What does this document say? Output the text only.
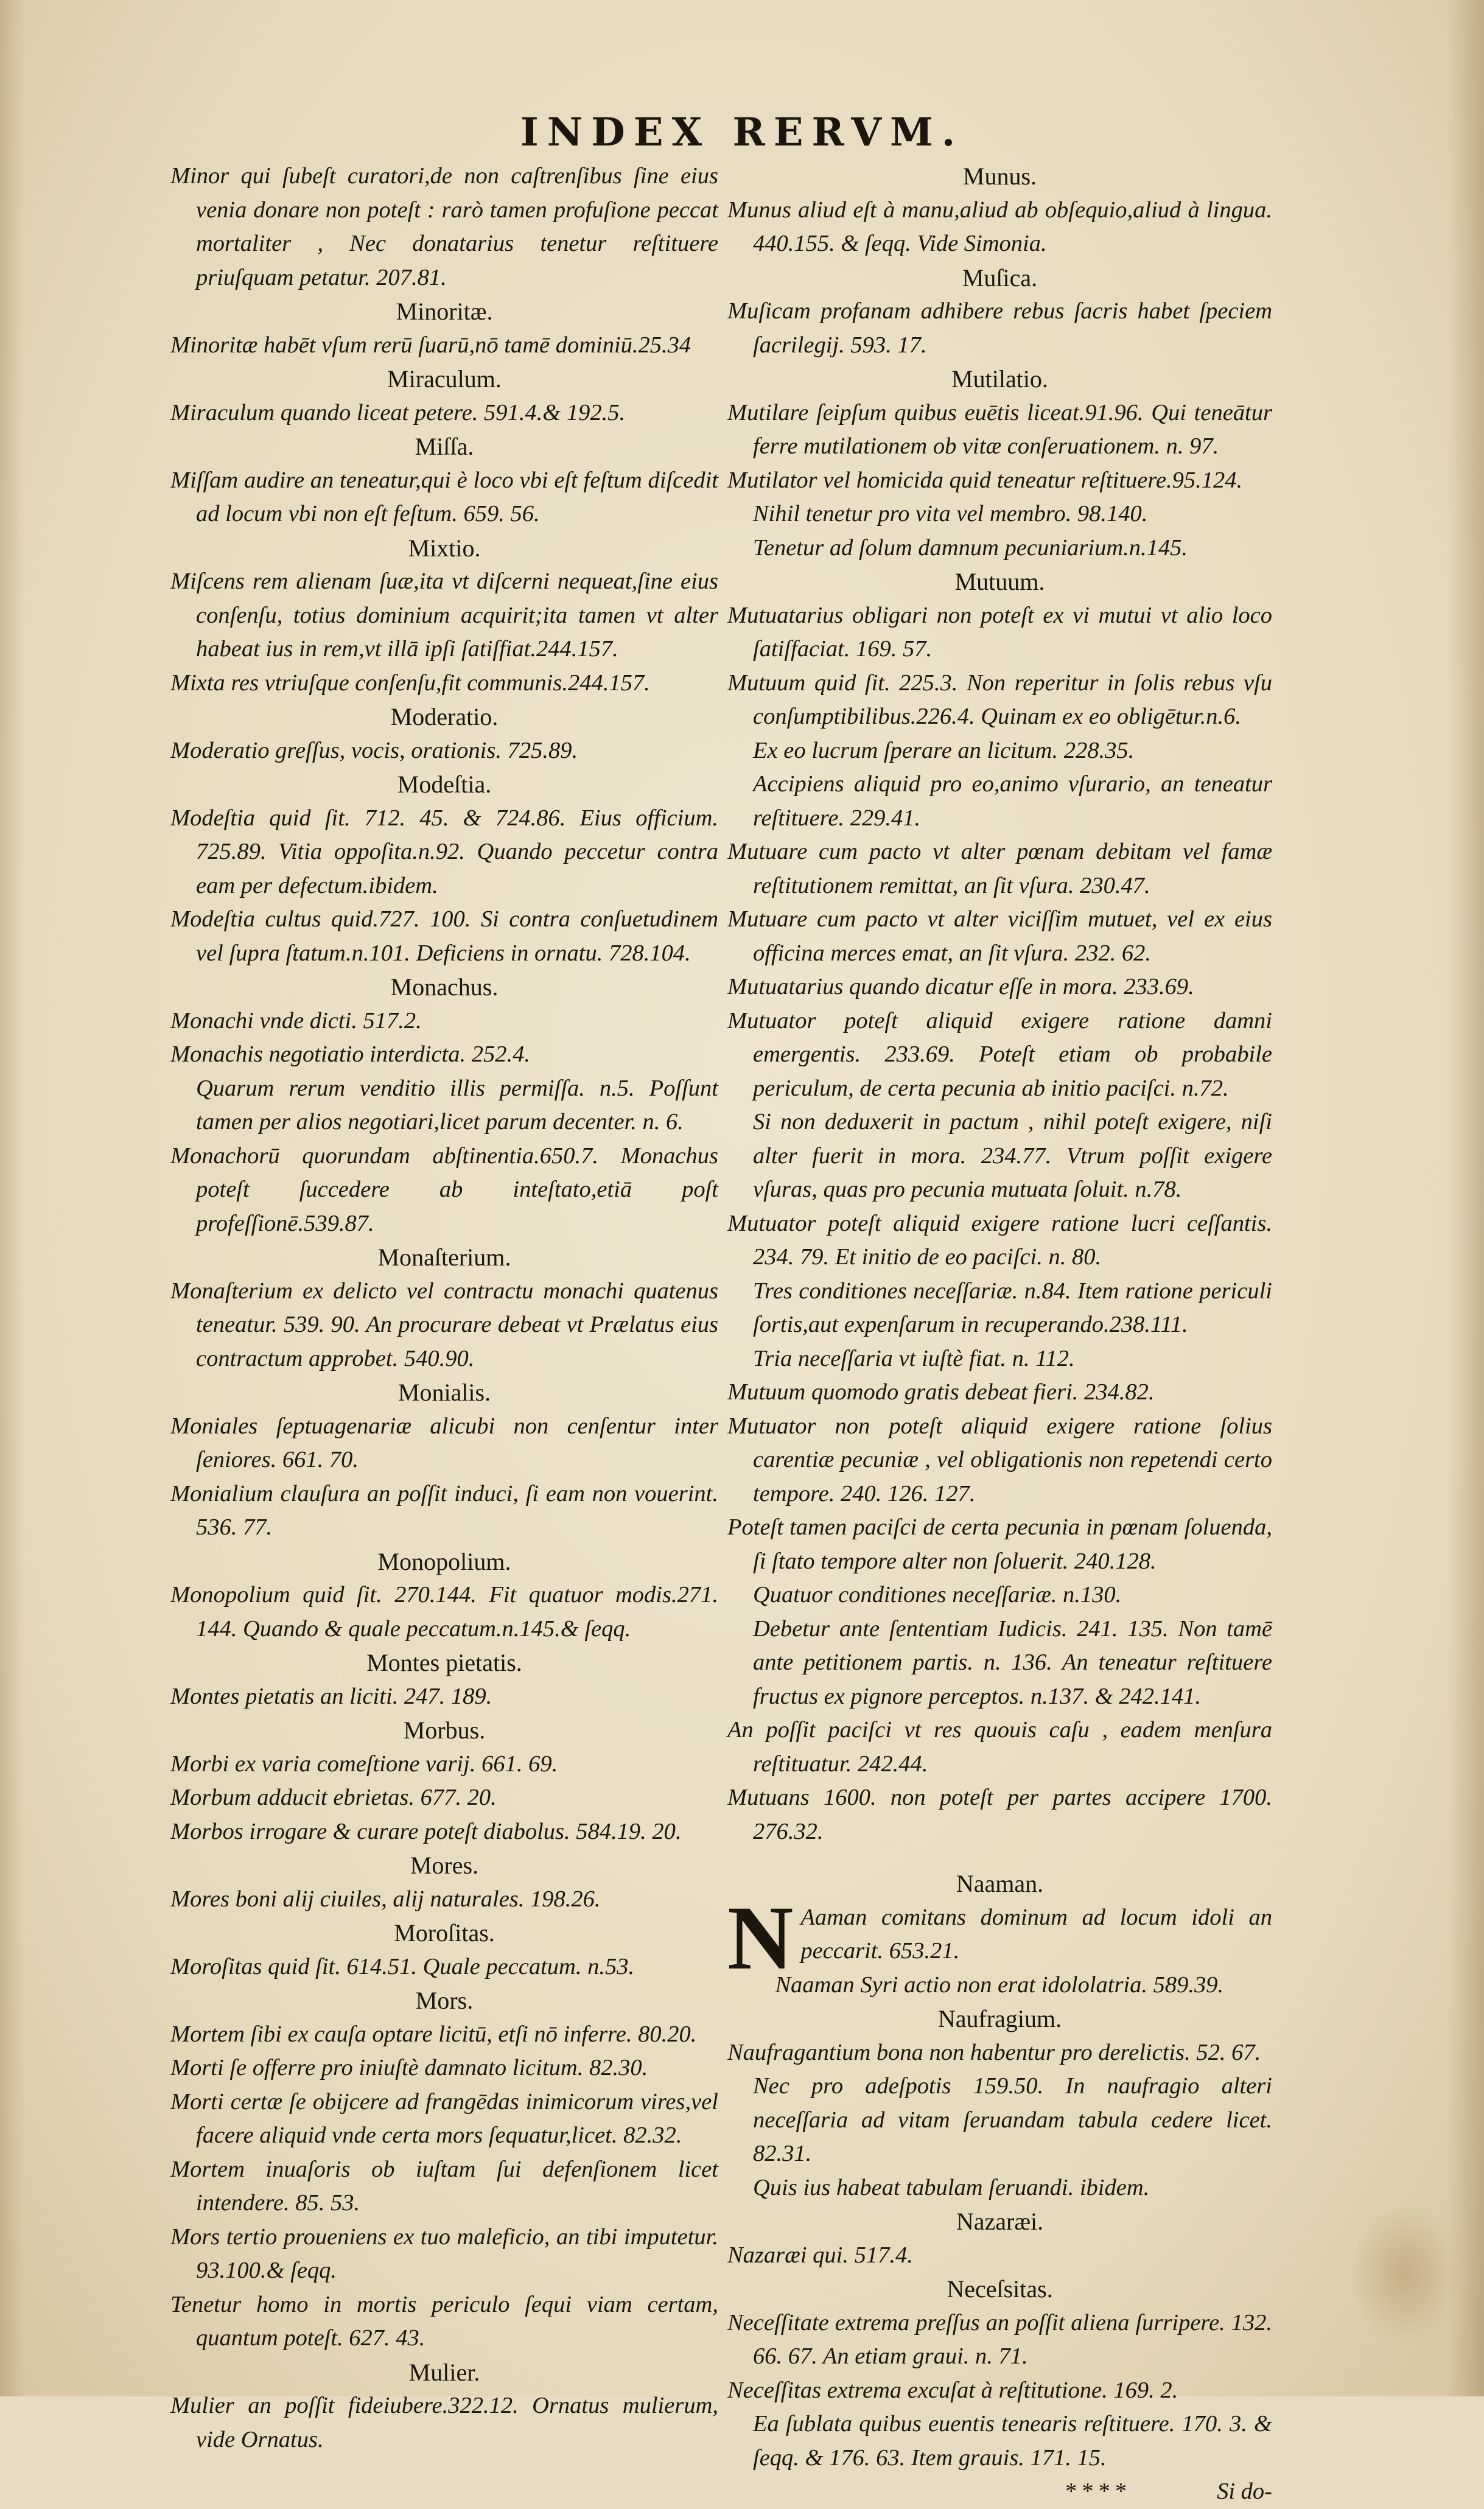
INDEX RERVM.
Minor qui ſubeſt curatori,de non caſtrenſibus ſine eius venia donare non poteſt : rarò tamen profuſione peccat mortaliter , Nec donatarius tenetur reſtituere priuſquam petatur. 207.81.
Minoritæ.
Minoritæ habēt vſum rerū ſuarū,nō tamē dominiū.25.34
Miraculum.
Miraculum quando liceat petere. 591.4.& 192.5.
Miſſa.
Miſſam audire an teneatur,qui è loco vbi eſt feſtum diſcedit ad locum vbi non eſt feſtum. 659. 56.
Mixtio.
Miſcens rem alienam ſuæ,ita vt diſcerni nequeat,ſine eius conſenſu, totius dominium acquirit;ita tamen vt alter habeat ius in rem,vt illā ipſi ſatiſfiat.244.157.
Mixta res vtriuſque conſenſu,fit communis.244.157.
Moderatio.
Moderatio greſſus, vocis, orationis. 725.89.
Modeſtia.
Modeſtia quid ſit. 712. 45. & 724.86. Eius officium. 725.89. Vitia oppoſita.n.92. Quando peccetur contra eam per defectum.ibidem.
Modeſtia cultus quid.727. 100. Si contra conſuetudinem vel ſupra ſtatum.n.101. Deficiens in ornatu. 728.104.
Monachus.
Monachi vnde dicti. 517.2.
Monachis negotiatio interdicta. 252.4.
Quarum rerum venditio illis permiſſa. n.5. Poſſunt tamen per alios negotiari,licet parum decenter. n. 6.
Monachorū quorundam abſtinentia.650.7. Monachus poteſt ſuccedere ab inteſtato,etiā poſt profeſſionē.539.87.
Monaſterium.
Monaſterium ex delicto vel contractu monachi quatenus teneatur. 539. 90. An procurare debeat vt Prælatus eius contractum approbet. 540.90.
Monialis.
Moniales ſeptuagenariæ alicubi non cenſentur inter ſeniores. 661. 70.
Monialium clauſura an poſſit induci, ſi eam non vouerint. 536. 77.
Monopolium.
Monopolium quid ſit. 270.144. Fit quatuor modis.271. 144. Quando & quale peccatum.n.145.& ſeqq.
Montes pietatis.
Montes pietatis an liciti. 247. 189.
Morbus.
Morbi ex varia comeſtione varij. 661. 69.
Morbum adducit ebrietas. 677. 20.
Morbos irrogare & curare poteſt diabolus. 584.19. 20.
Mores.
Mores boni alij ciuiles, alij naturales. 198.26.
Moroſitas.
Moroſitas quid ſit. 614.51. Quale peccatum. n.53.
Mors.
Mortem ſibi ex cauſa optare licitū, etſi nō inferre. 80.20.
Morti ſe offerre pro iniuſtè damnato licitum. 82.30.
Morti certæ ſe obijcere ad frangēdas inimicorum vires,vel facere aliquid vnde certa mors ſequatur,licet. 82.32.
Mortem inuaſoris ob iuſtam ſui defenſionem licet intendere. 85. 53.
Mors tertio proueniens ex tuo maleficio, an tibi imputetur. 93.100.& ſeqq.
Tenetur homo in mortis periculo ſequi viam certam, quantum poteſt. 627. 43.
Mulier.
Mulier an poſſit fideiubere.322.12. Ornatus mulierum, vide Ornatus.
Munus.
Munus aliud eſt à manu,aliud ab obſequio,aliud à lingua. 440.155. & ſeqq. Vide Simonia.
Muſica.
Muſicam profanam adhibere rebus ſacris habet ſpeciem ſacrilegij. 593. 17.
Mutilatio.
Mutilare ſeipſum quibus euētis liceat.91.96. Qui teneātur ferre mutilationem ob vitæ conſeruationem. n. 97.
Mutilator vel homicida quid teneatur reſtituere.95.124.
Nihil tenetur pro vita vel membro. 98.140.
Tenetur ad ſolum damnum pecuniarium.n.145.
Mutuum.
Mutuatarius obligari non poteſt ex vi mutui vt alio loco ſatiſfaciat. 169. 57.
Mutuum quid ſit. 225.3. Non reperitur in ſolis rebus vſu conſumptibilibus.226.4. Quinam ex eo obligētur.n.6.
Ex eo lucrum ſperare an licitum. 228.35.
Accipiens aliquid pro eo,animo vſurario, an teneatur reſtituere. 229.41.
Mutuare cum pacto vt alter pœnam debitam vel famæ reſtitutionem remittat, an ſit vſura. 230.47.
Mutuare cum pacto vt alter viciſſim mutuet, vel ex eius officina merces emat, an ſit vſura. 232. 62.
Mutuatarius quando dicatur eſſe in mora. 233.69.
Mutuator poteſt aliquid exigere ratione damni emergentis. 233.69. Poteſt etiam ob probabile periculum, de certa pecunia ab initio paciſci. n.72.
Si non deduxerit in pactum , nihil poteſt exigere, niſi alter fuerit in mora. 234.77. Vtrum poſſit exigere vſuras, quas pro pecunia mutuata ſoluit. n.78.
Mutuator poteſt aliquid exigere ratione lucri ceſſantis. 234. 79. Et initio de eo paciſci. n. 80.
Tres conditiones neceſſariæ. n.84. Item ratione periculi ſortis,aut expenſarum in recuperando.238.111.
Tria neceſſaria vt iuſtè fiat. n. 112.
Mutuum quomodo gratis debeat fieri. 234.82.
Mutuator non poteſt aliquid exigere ratione ſolius carentiæ pecuniæ , vel obligationis non repetendi certo tempore. 240. 126. 127.
Poteſt tamen paciſci de certa pecunia in pœnam ſoluenda, ſi ſtato tempore alter non ſoluerit. 240.128.
Quatuor conditiones neceſſariæ. n.130.
Debetur ante ſententiam Iudicis. 241. 135. Non tamē ante petitionem partis. n. 136. An teneatur reſtituere fructus ex pignore perceptos. n.137. & 242.141.
An poſſit paciſci vt res quouis caſu , eadem menſura reſtituatur. 242.44.
Mutuans 1600. non poteſt per partes accipere 1700. 276.32.
Naaman.
N Aaman comitans dominum ad locum idoli an peccarit. 653.21.
Naaman Syri actio non erat idololatria. 589.39.
Naufragium.
Naufragantium bona non habentur pro derelictis. 52. 67.
Nec pro adeſpotis 159.50. In naufragio alteri neceſſaria ad vitam ſeruandam tabula cedere licet. 82.31.
Quis ius habeat tabulam ſeruandi. ibidem.
Nazaræi.
Nazaræi qui. 517.4.
Neceſsitas.
Neceſſitate extrema preſſus an poſſit aliena ſurripere. 132. 66. 67. An etiam graui. n. 71.
Neceſſitas extrema excuſat à reſtitutione. 169. 2.
Ea ſublata quibus euentis tenearis reſtituere. 170. 3. & ſeqq. & 176. 63. Item grauis. 171. 15.
****	Si do-
